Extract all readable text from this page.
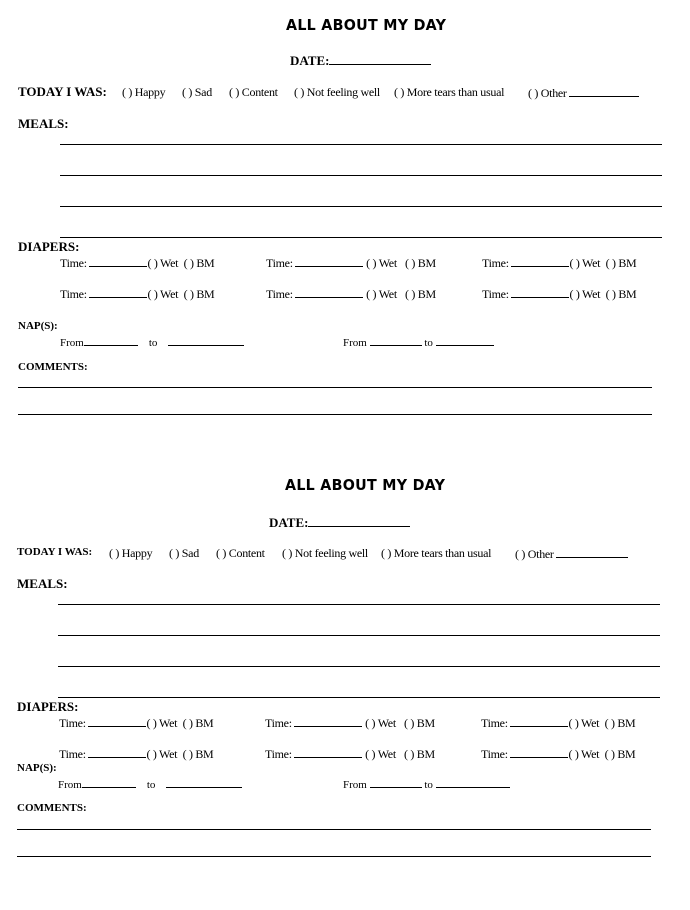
ALL ABOUT MY DAY
DATE:
TODAY I WAS: ( ) Happy ( ) Sad ( ) Content ( ) Not feeling well ( ) More tears than usual ( ) Other
MEALS:
DIAPERS:
Time:	( ) Wet ( ) BM	Time:	( ) Wet ( ) BM	Time:	( ) Wet ( ) BM
Time:	( ) Wet ( ) BM	Time:	( ) Wet ( ) BM	Time:	( ) Wet ( ) BM
NAP(S):
From	to	From	to
COMMENTS:
ALL ABOUT MY DAY
DATE:
TODAY I WAS: ( ) Happy ( ) Sad ( ) Content ( ) Not feeling well ( ) More tears than usual ( ) Other
MEALS:
DIAPERS:
Time:	( ) Wet ( ) BM	Time:	( ) Wet ( ) BM	Time:	( ) Wet ( ) BM
Time:	( ) Wet ( ) BM	Time:	( ) Wet ( ) BM	Time:	( ) Wet ( ) BM
NAP(S):
From	to	From	to
COMMENTS:
